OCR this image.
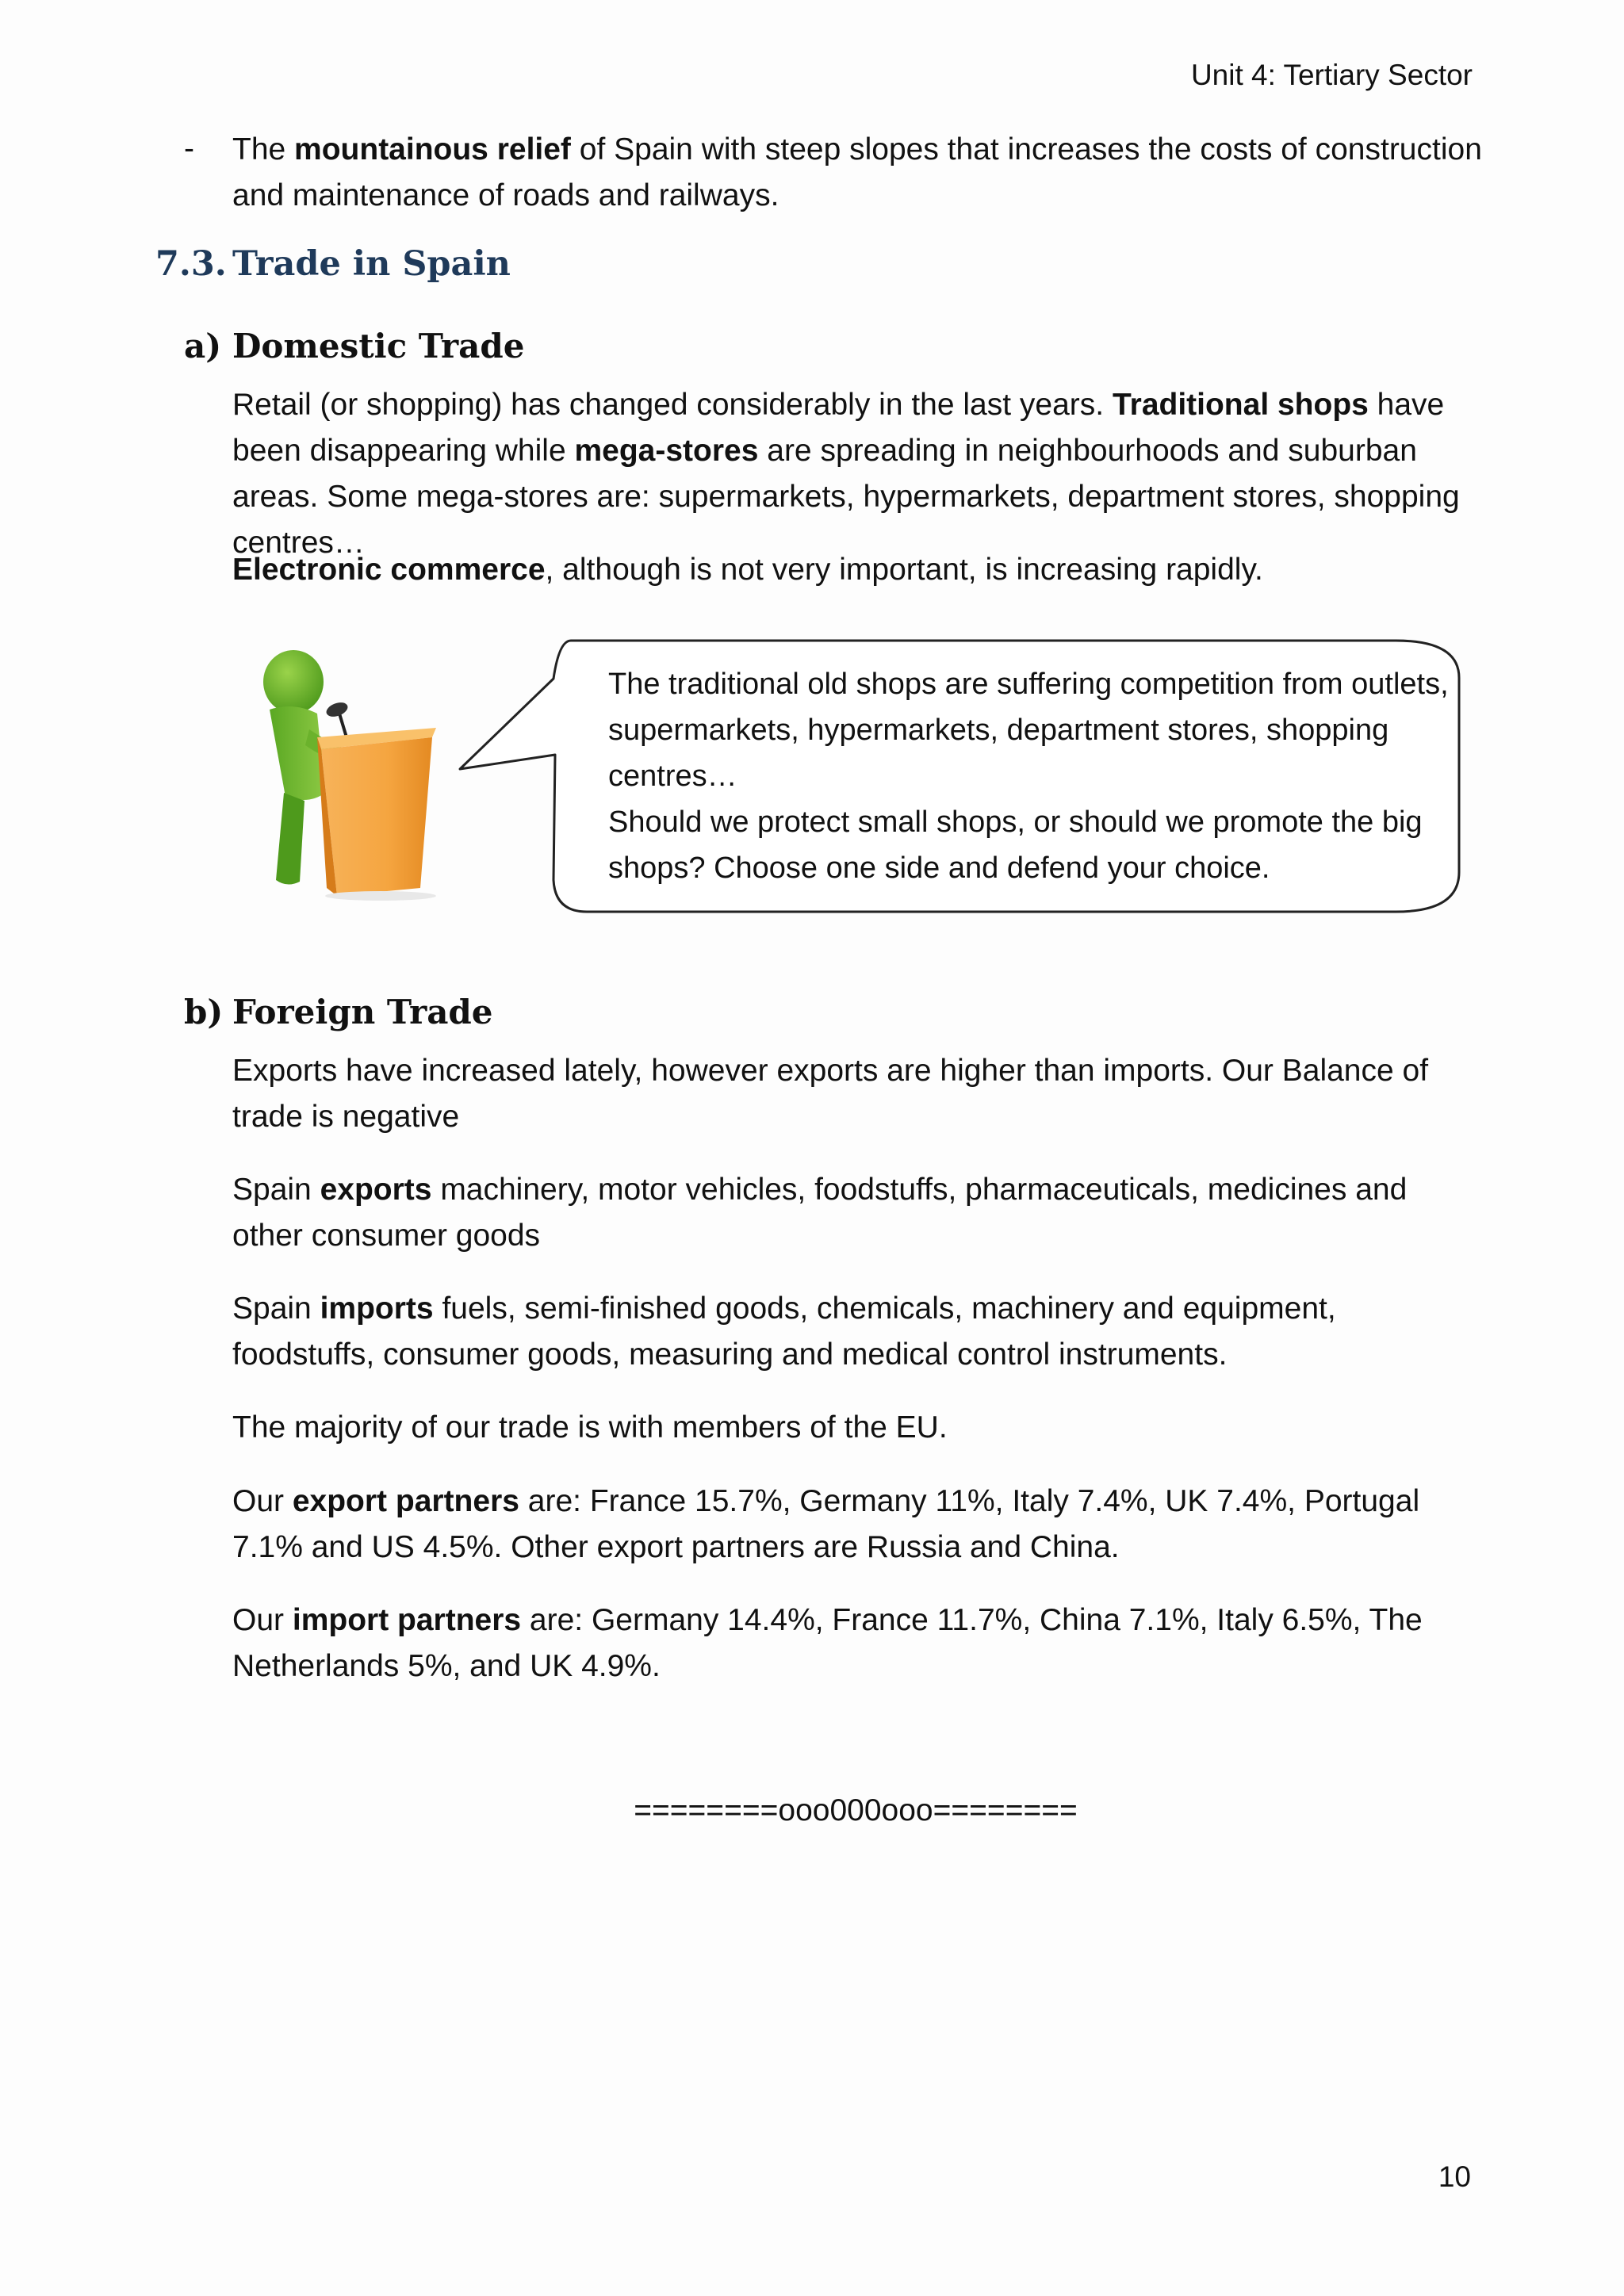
Unit 4: Tertiary Sector
- The mountainous relief of Spain with steep slopes that increases the costs of construction and maintenance of roads and railways.
7.3. Trade in Spain
a) Domestic Trade
Retail (or shopping) has changed considerably in the last years. Traditional shops have been disappearing while mega-stores are spreading in neighbourhoods and suburban areas. Some mega-stores are: supermarkets, hypermarkets, department stores, shopping centres…
Electronic commerce, although is not very important, is increasing rapidly.
The traditional old shops are suffering competition from outlets, supermarkets, hypermarkets, department stores, shopping centres…
Should we protect small shops, or should we promote the big shops? Choose one side and defend your choice.
b) Foreign Trade
Exports have increased lately, however exports are higher than imports. Our Balance of trade is negative
Spain exports machinery, motor vehicles, foodstuffs, pharmaceuticals, medicines and other consumer goods
Spain imports fuels, semi-finished goods, chemicals, machinery and equipment, foodstuffs, consumer goods, measuring and medical control instruments.
The majority of our trade is with members of the EU.
Our export partners are: France 15.7%, Germany 11%, Italy 7.4%, UK 7.4%, Portugal 7.1% and US 4.5%. Other export partners are Russia and China.
Our import partners are: Germany 14.4%, France 11.7%, China 7.1%, Italy 6.5%, The Netherlands 5%, and UK 4.9%.
========ooo000ooo========
10
